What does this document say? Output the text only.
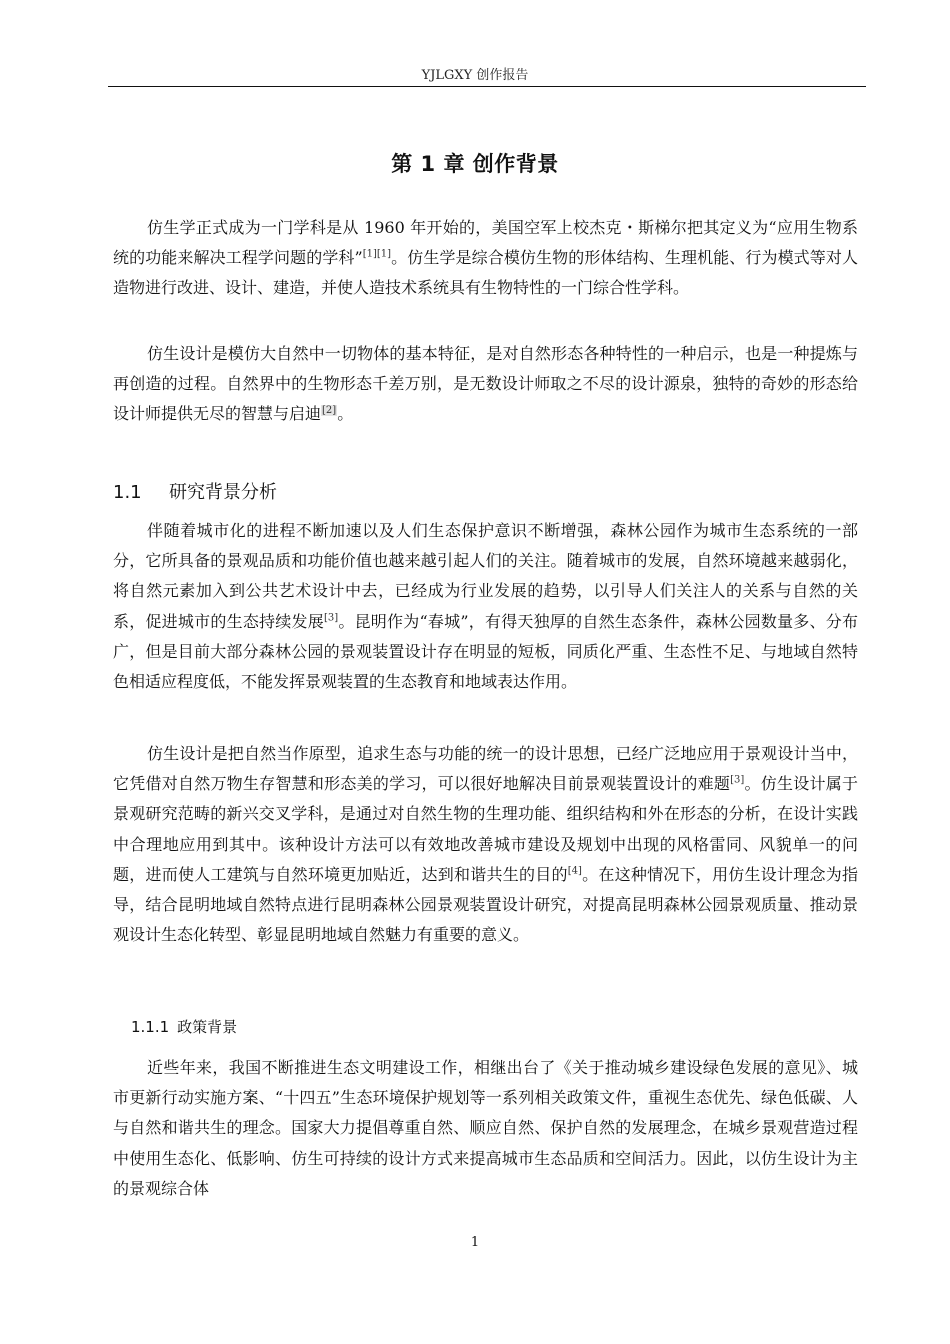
YJLGXY 创作报告
第 1 章 创作背景

仿生学正式成为一门学科是从 1960 年开始的，美国空军上校杰克・斯梯尔把其定义为“应用生物系统的功能来解决工程学问题的学科”[1][1]。仿生学是综合模仿生物的形体结构、生理机能、行为模式等对人造物进行改进、设计、建造，并使人造技术系统具有生物特性的一门综合性学科。

仿生设计是模仿大自然中一切物体的基本特征，是对自然形态各种特性的一种启示，也是一种提炼与再创造的过程。自然界中的生物形态千差万别，是无数设计师取之不尽的设计源泉，独特的奇妙的形态给设计师提供无尽的智慧与启迪[2]。

1.1 研究背景分析

伴随着城市化的进程不断加速以及人们生态保护意识不断增强，森林公园作为城市生态系统的一部分，它所具备的景观品质和功能价值也越来越引起人们的关注。随着城市的发展，自然环境越来越弱化，将自然元素加入到公共艺术设计中去，已经成为行业发展的趋势，以引导人们关注人的关系与自然的关系，促进城市的生态持续发展[3]。昆明作为“春城”，有得天独厚的自然生态条件，森林公园数量多、分布广，但是目前大部分森林公园的景观装置设计存在明显的短板，同质化严重、生态性不足、与地域自然特色相适应程度低，不能发挥景观装置的生态教育和地域表达作用。

仿生设计是把自然当作原型，追求生态与功能的统一的设计思想，已经广泛地应用于景观设计当中，它凭借对自然万物生存智慧和形态美的学习，可以很好地解决目前景观装置设计的难题[3]。仿生设计属于景观研究范畴的新兴交叉学科，是通过对自然生物的生理功能、组织结构和外在形态的分析，在设计实践中合理地应用到其中。该种设计方法可以有效地改善城市建设及规划中出现的风格雷同、风貌单一的问题，进而使人工建筑与自然环境更加贴近，达到和谐共生的目的[4]。在这种情况下，用仿生设计理念为指导，结合昆明地域自然特点进行昆明森林公园景观装置设计研究，对提高昆明森林公园景观质量、推动景观设计生态化转型、彰显昆明地域自然魅力有重要的意义。

1.1.1 政策背景

近些年来，我国不断推进生态文明建设工作，相继出台了《关于推动城乡建设绿色发展的意见》、城市更新行动实施方案、“十四五”生态环境保护规划等一系列相关政策文件，重视生态优先、绿色低碳、人与自然和谐共生的理念。国家大力提倡尊重自然、顺应自然、保护自然的发展理念，在城乡景观营造过程中使用生态化、低影响、仿生可持续的设计方式来提高城市生态品质和空间活力。因此，以仿生设计为主的景观综合体

1
